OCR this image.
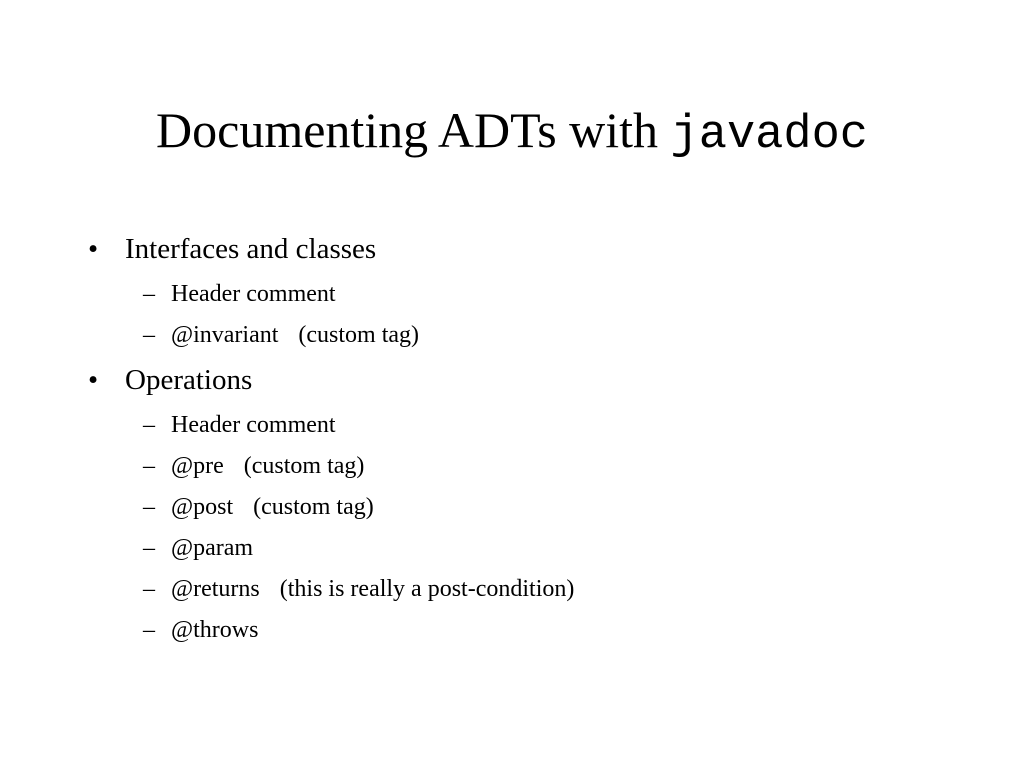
Documenting ADTs with javadoc
• Interfaces and classes
– Header comment
– @invariant (custom tag)
• Operations
– Header comment
– @pre (custom tag)
– @post (custom tag)
– @param
– @returns (this is really a post-condition)
– @throws
